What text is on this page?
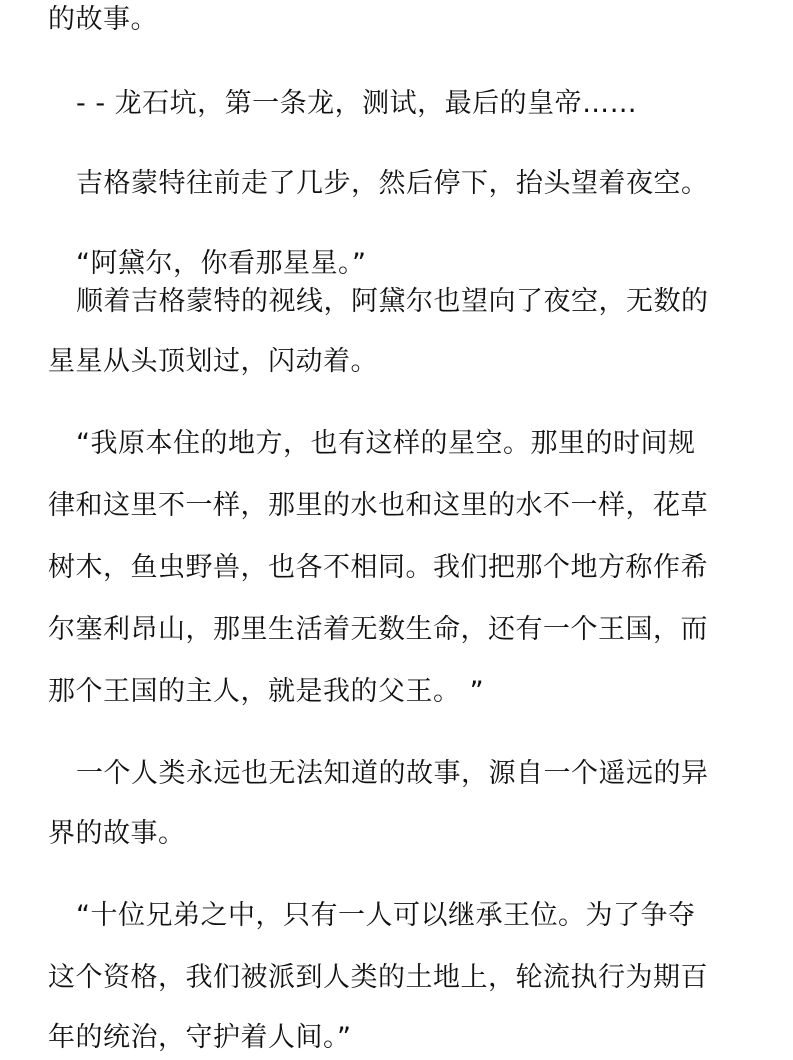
的故事。
- - 龙石坑，第一条龙，测试，最后的皇帝……
吉格蒙特往前走了几步，然后停下，抬头望着夜空。
“阿黛尔，你看那星星。”
顺着吉格蒙特的视线，阿黛尔也望向了夜空，无数的
星星从头顶划过，闪动着。
“我原本住的地方，也有这样的星空。那里的时间规
律和这里不一样，那里的水也和这里的水不一样，花草
树木，鱼虫野兽，也各不相同。我们把那个地方称作希
尔塞利昂山，那里生活着无数生命，还有一个王国，而
那个王国的主人，就是我的父王。 ”
一个人类永远也无法知道的故事，源自一个遥远的异
界的故事。
“十位兄弟之中，只有一人可以继承王位。为了争夺
这个资格，我们被派到人类的土地上，轮流执行为期百
年的统治，守护着人间。”
